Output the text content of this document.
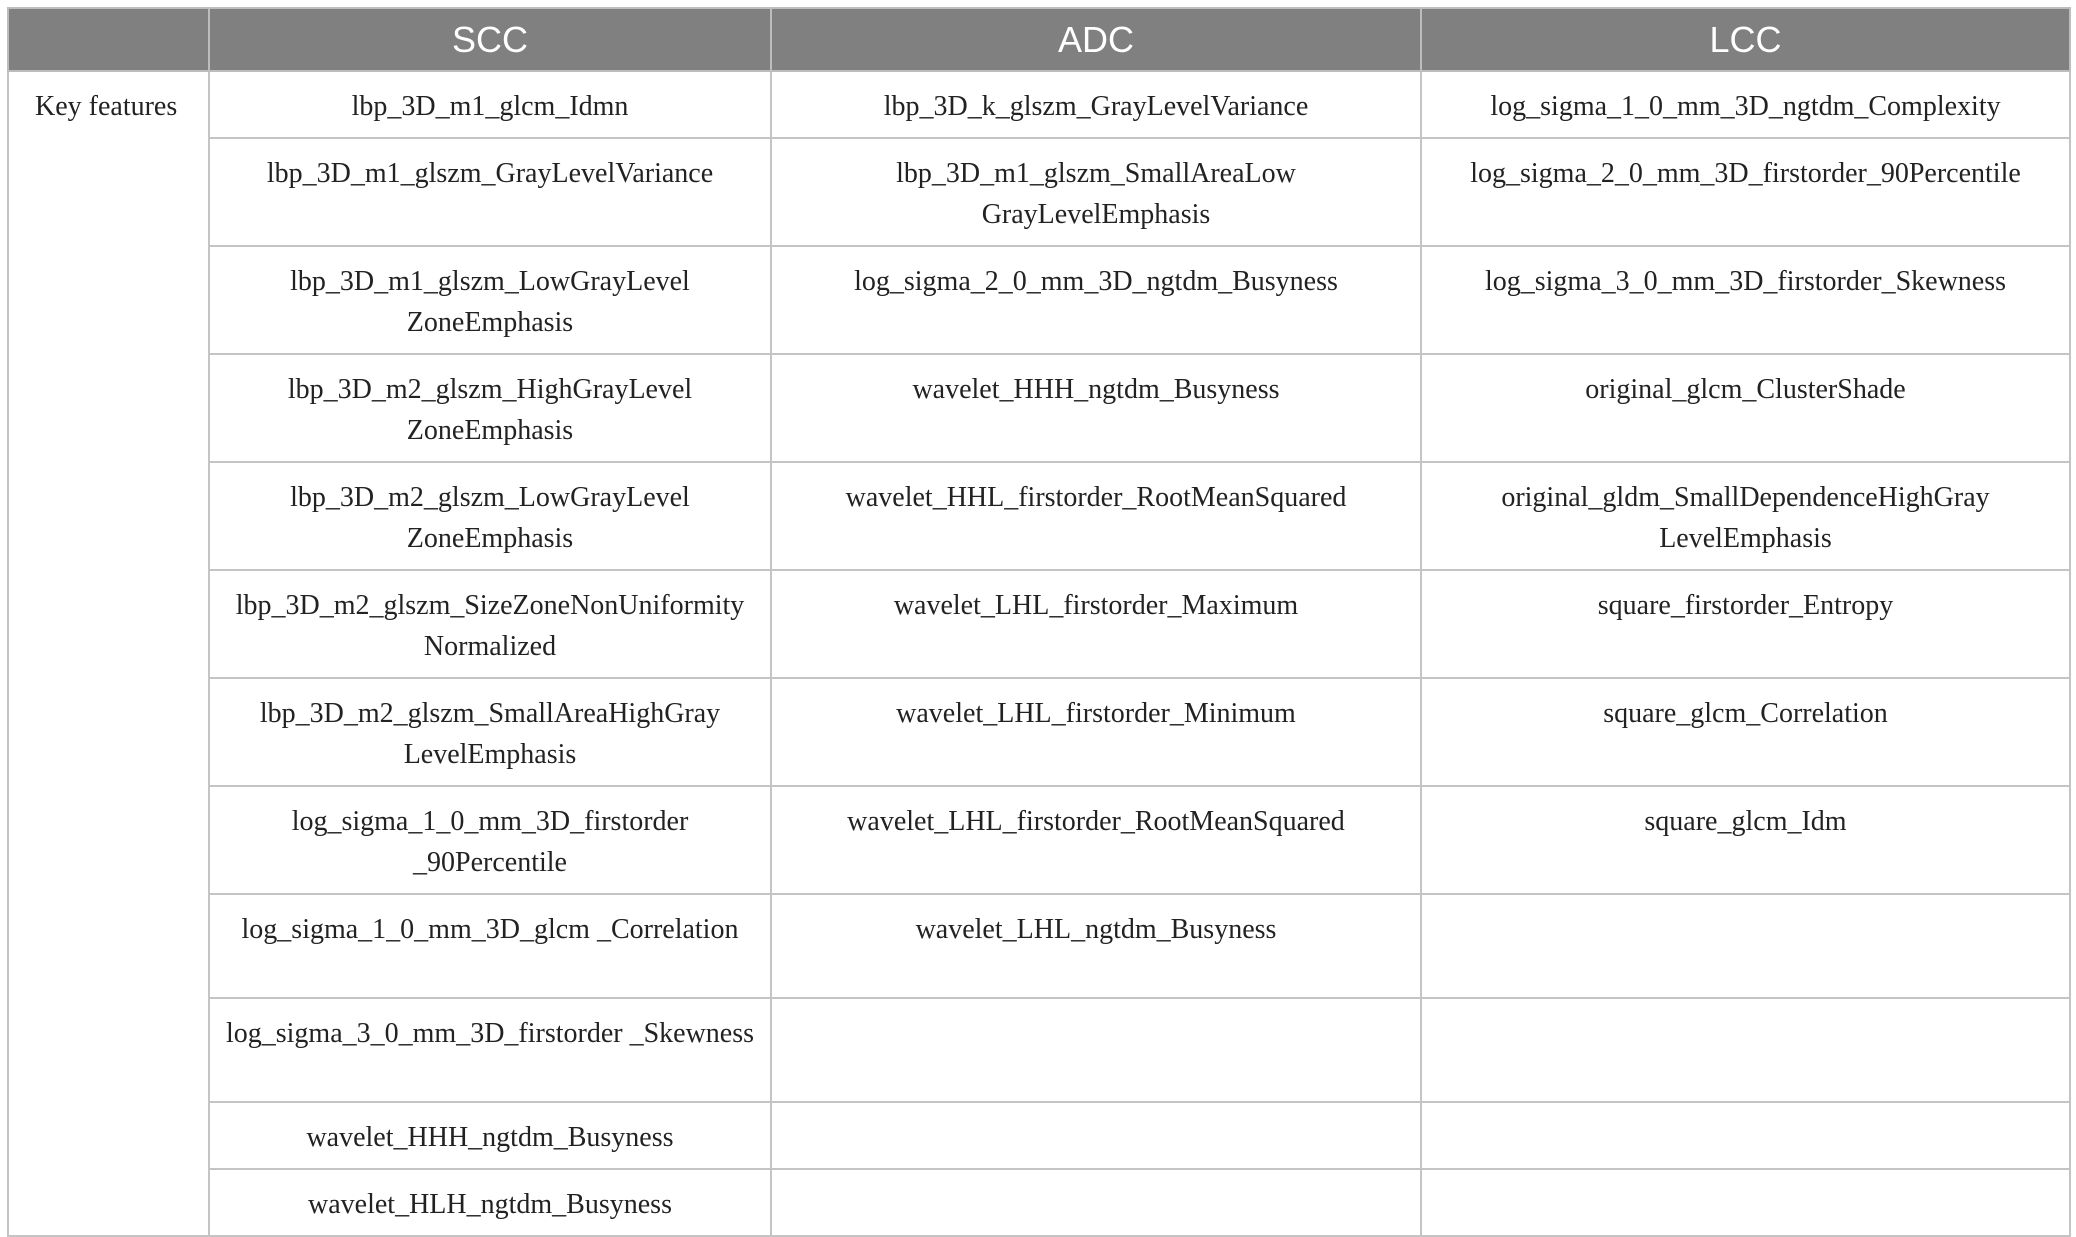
	SCC	ADC	LCC
Key features	lbp_3D_m1_glcm_Idmn	lbp_3D_k_glszm_GrayLevelVariance	log_sigma_1_0_mm_3D_ngtdm_Complexity
	lbp_3D_m1_glszm_GrayLevelVariance	lbp_3D_m1_glszm_SmallAreaLow GrayLevelEmphasis	log_sigma_2_0_mm_3D_firstorder_90Percentile
	lbp_3D_m1_glszm_LowGrayLevel ZoneEmphasis	log_sigma_2_0_mm_3D_ngtdm_Busyness	log_sigma_3_0_mm_3D_firstorder_Skewness
	lbp_3D_m2_glszm_HighGrayLevel ZoneEmphasis	wavelet_HHH_ngtdm_Busyness	original_glcm_ClusterShade
	lbp_3D_m2_glszm_LowGrayLevel ZoneEmphasis	wavelet_HHL_firstorder_RootMeanSquared	original_gldm_SmallDependenceHighGray LevelEmphasis
	lbp_3D_m2_glszm_SizeZoneNonUniformity Normalized	wavelet_LHL_firstorder_Maximum	square_firstorder_Entropy
	lbp_3D_m2_glszm_SmallAreaHighGray LevelEmphasis	wavelet_LHL_firstorder_Minimum	square_glcm_Correlation
	log_sigma_1_0_mm_3D_firstorder _90Percentile	wavelet_LHL_firstorder_RootMeanSquared	square_glcm_Idm
	log_sigma_1_0_mm_3D_glcm _Correlation	wavelet_LHL_ngtdm_Busyness	
	log_sigma_3_0_mm_3D_firstorder _Skewness		
	wavelet_HHH_ngtdm_Busyness		
	wavelet_HLH_ngtdm_Busyness		
